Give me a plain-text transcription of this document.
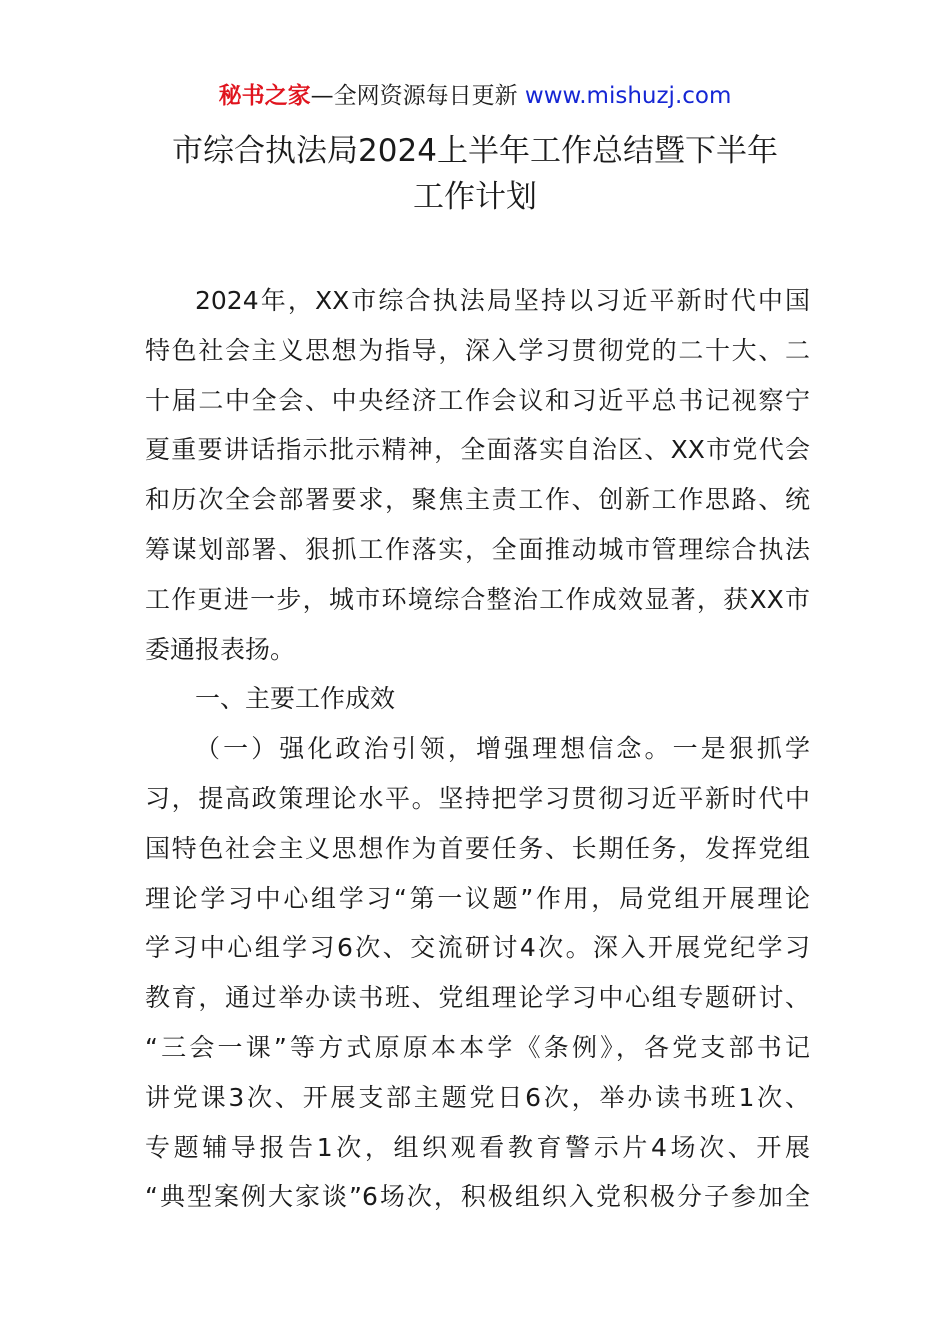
秘书之家—全网资源每日更新 www.mishuzj.com
市综合执法局2024上半年工作总结暨下半年
工作计划
2024年，XX市综合执法局坚持以习近平新时代中国
特色社会主义思想为指导，深入学习贯彻党的二十大、二
十届二中全会、中央经济工作会议和习近平总书记视察宁
夏重要讲话指示批示精神，全面落实自治区、XX市党代会
和历次全会部署要求，聚焦主责工作、创新工作思路、统
筹谋划部署、狠抓工作落实，全面推动城市管理综合执法
工作更进一步，城市环境综合整治工作成效显著，获XX市
委通报表扬。
一、主要工作成效
（一）强化政治引领，增强理想信念。一是狠抓学
习，提高政策理论水平。坚持把学习贯彻习近平新时代中
国特色社会主义思想作为首要任务、长期任务，发挥党组
理论学习中心组学习“第一议题”作用，局党组开展理论
学习中心组学习6次、交流研讨4次。深入开展党纪学习
教育，通过举办读书班、党组理论学习中心组专题研讨、
“三会一课”等方式原原本本学《条例》，各党支部书记
讲党课3次、开展支部主题党日6次，举办读书班1次、
专题辅导报告1次，组织观看教育警示片4场次、开展
“典型案例大家谈”6场次，积极组织入党积极分子参加全
